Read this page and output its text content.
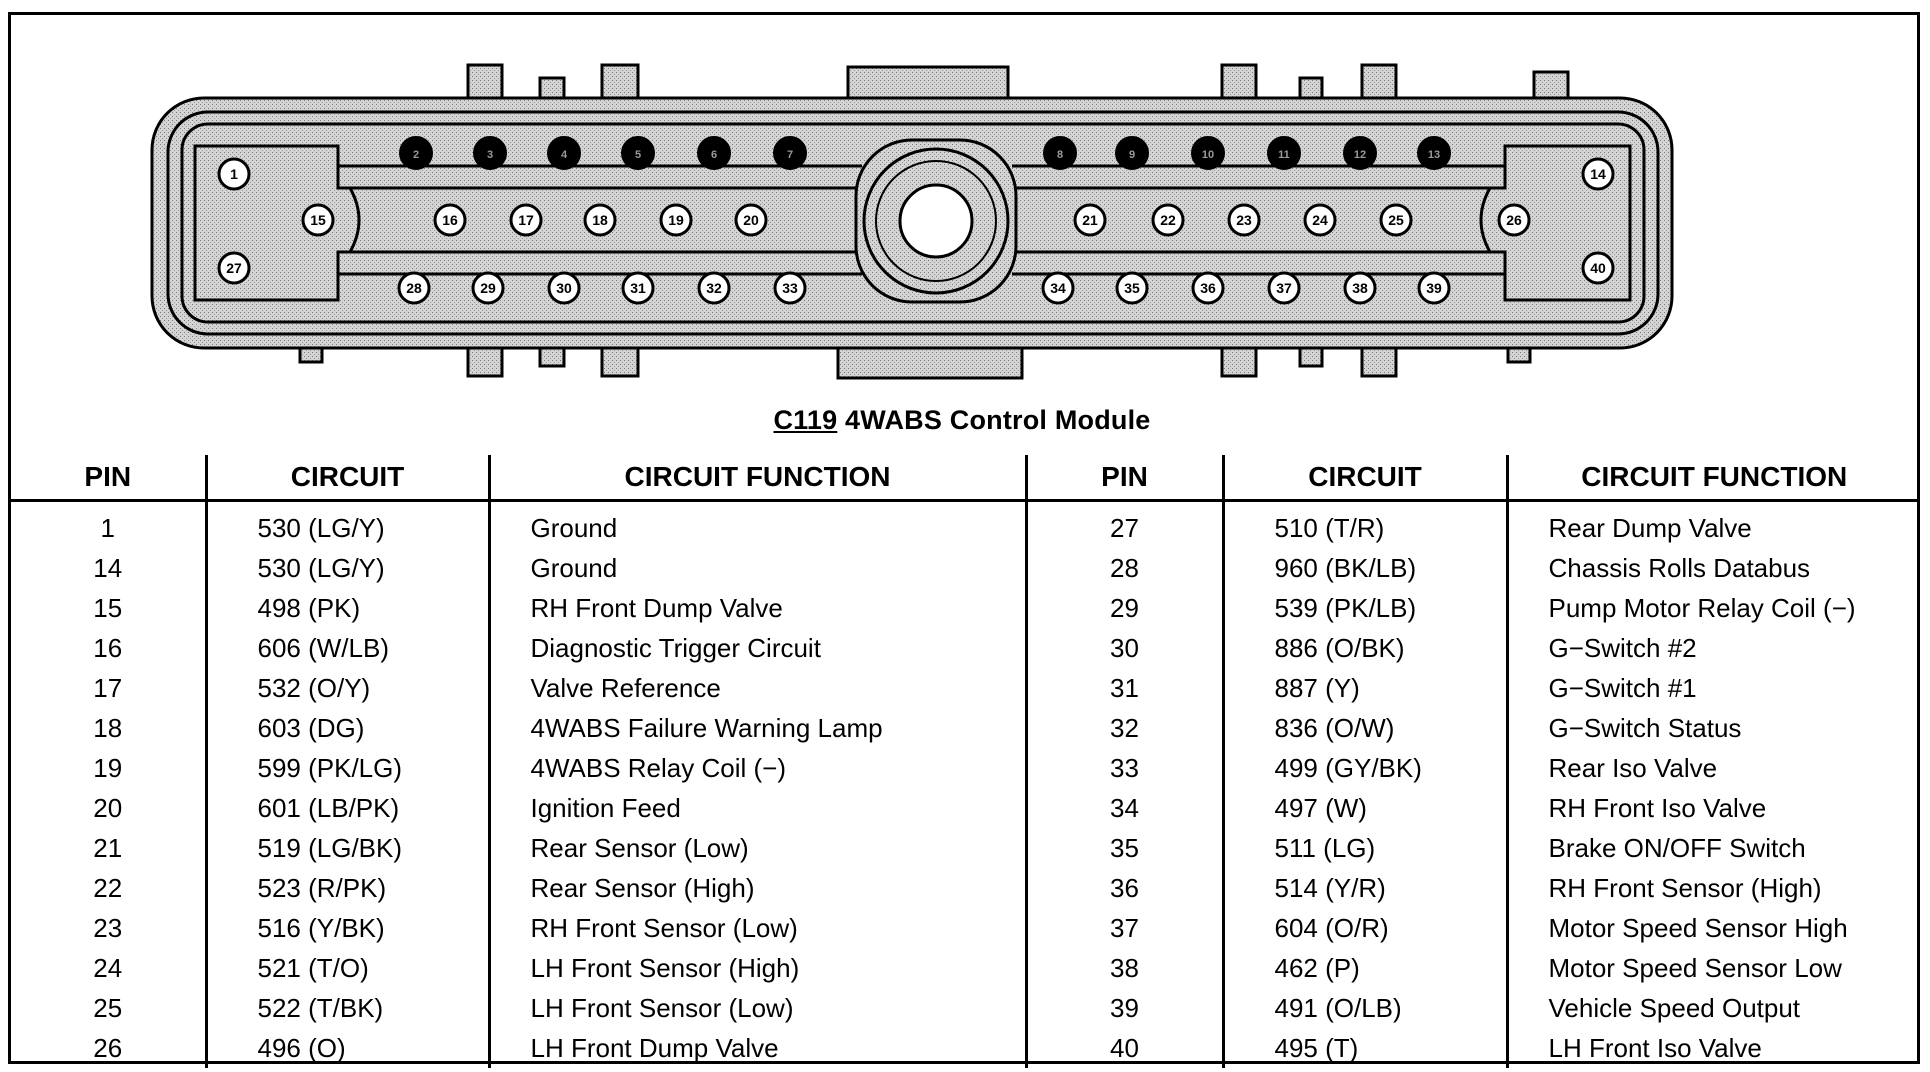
2	3	4	5	6	7	8	9	10	11	12	13
15	16	17	18	19	20	21	22	23	24	25	26
28	29	30	31	32	33	34	35	36	37	38	39
1
27
14
40
C119 4WABS Control Module
PIN	CIRCUIT	CIRCUIT FUNCTION	PIN	CIRCUIT	CIRCUIT FUNCTION
1	530 (LG/Y)	Ground	27	510 (T/R)	Rear Dump Valve
14	530 (LG/Y)	Ground	28	960 (BK/LB)	Chassis Rolls Databus
15	498 (PK)	RH Front Dump Valve	29	539 (PK/LB)	Pump Motor Relay Coil (−)
16	606 (W/LB)	Diagnostic Trigger Circuit	30	886 (O/BK)	G−Switch #2
17	532 (O/Y)	Valve Reference	31	887 (Y)	G−Switch #1
18	603 (DG)	4WABS Failure Warning Lamp	32	836 (O/W)	G−Switch Status
19	599 (PK/LG)	4WABS Relay Coil (−)	33	499 (GY/BK)	Rear Iso Valve
20	601 (LB/PK)	Ignition Feed	34	497 (W)	RH Front Iso Valve
21	519 (LG/BK)	Rear Sensor (Low)	35	511 (LG)	Brake ON/OFF Switch
22	523 (R/PK)	Rear Sensor (High)	36	514 (Y/R)	RH Front Sensor (High)
23	516 (Y/BK)	RH Front Sensor (Low)	37	604 (O/R)	Motor Speed Sensor High
24	521 (T/O)	LH Front Sensor (High)	38	462 (P)	Motor Speed Sensor Low
25	522 (T/BK)	LH Front Sensor (Low)	39	491 (O/LB)	Vehicle Speed Output
26	496 (O)	LH Front Dump Valve	40	495 (T)	LH Front Iso Valve
